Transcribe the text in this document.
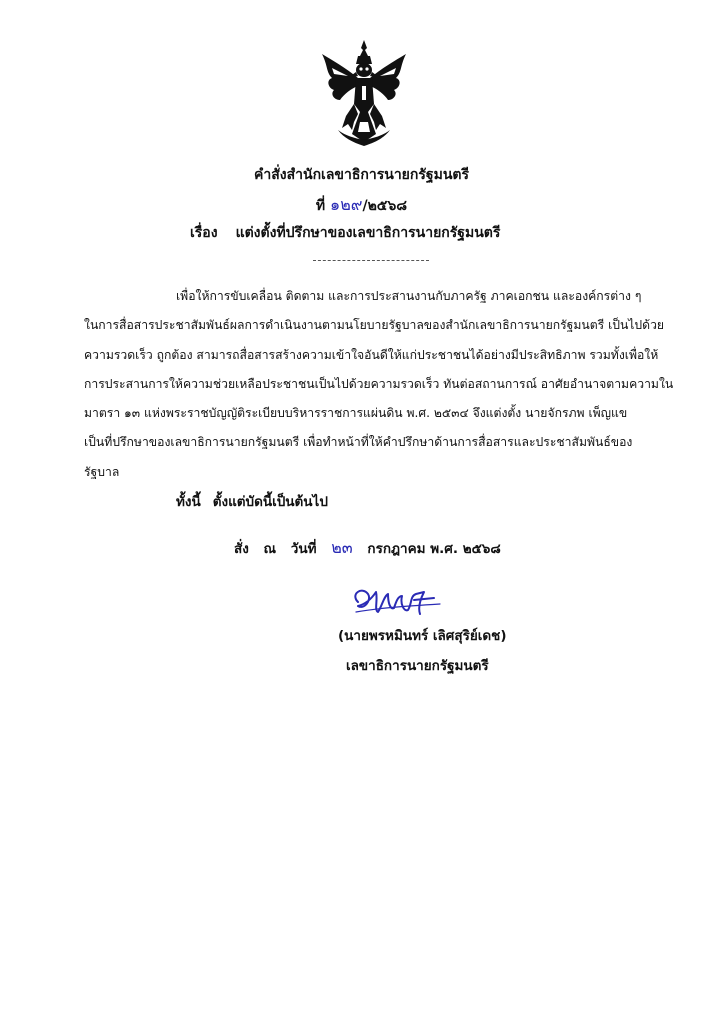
คำสั่งสำนักเลขาธิการนายกรัฐมนตรี
ที่ ๑๒๙/๒๕๖๘
เรื่อง แต่งตั้งที่ปรึกษาของเลขาธิการนายกรัฐมนตรี
เพื่อให้การขับเคลื่อน ติดตาม และการประสานงานกับภาครัฐ ภาคเอกชน และองค์กรต่าง ๆ
ในการสื่อสารประชาสัมพันธ์ผลการดำเนินงานตามนโยบายรัฐบาลของสำนักเลขาธิการนายกรัฐมนตรี เป็นไปด้วย
ความรวดเร็ว ถูกต้อง สามารถสื่อสารสร้างความเข้าใจอันดีให้แก่ประชาชนได้อย่างมีประสิทธิภาพ รวมทั้งเพื่อให้
การประสานการให้ความช่วยเหลือประชาชนเป็นไปด้วยความรวดเร็ว ทันต่อสถานการณ์ อาศัยอำนาจตามความใน
มาตรา ๑๓ แห่งพระราชบัญญัติระเบียบบริหารราชการแผ่นดิน พ.ศ. ๒๕๓๔ จึงแต่งตั้ง นายจักรภพ เพ็ญแข
เป็นที่ปรึกษาของเลขาธิการนายกรัฐมนตรี เพื่อทำหน้าที่ให้คำปรึกษาด้านการสื่อสารและประชาสัมพันธ์ของ
รัฐบาล
ทั้งนี้ ตั้งแต่บัดนี้เป็นต้นไป
สั่ง ณ วันที่ ๒๓ กรกฎาคม พ.ศ. ๒๕๖๘
(นายพรหมินทร์ เลิศสุริย์เดช)
เลขาธิการนายกรัฐมนตรี
